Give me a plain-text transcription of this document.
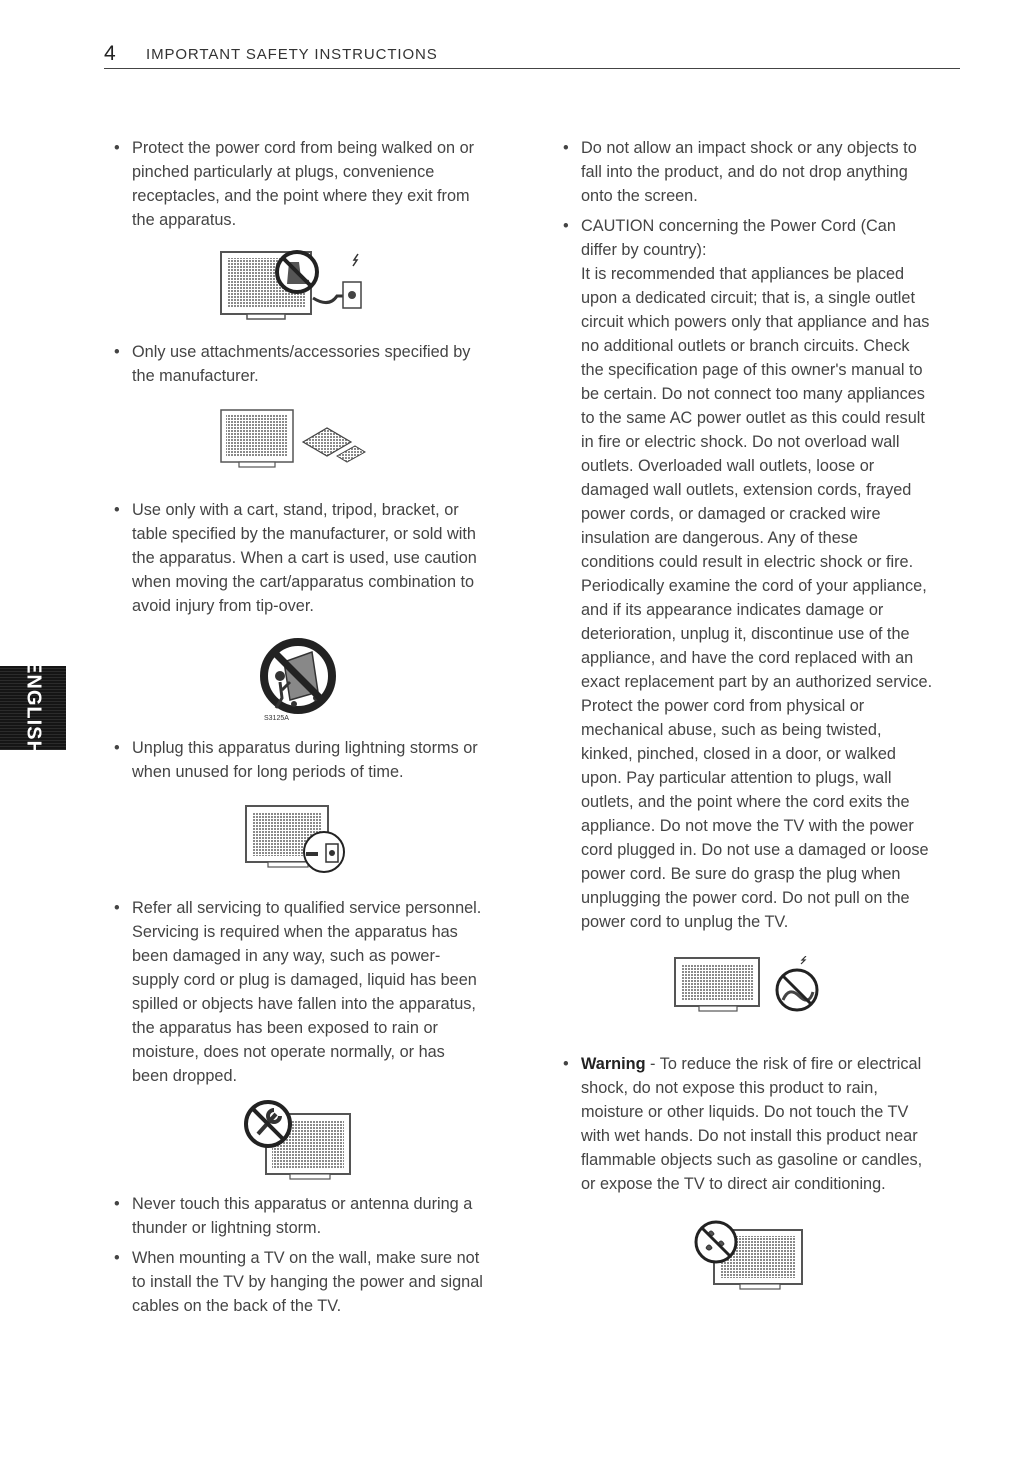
4 IMPORTANT SAFETY INSTRUCTIONS
ENGLISH
• Protect the power cord from being walked on or pinched particularly at plugs, convenience receptacles, and the point where they exit from the apparatus.

• Only use attachments/accessories specified by the manufacturer.

• Use only with a cart, stand, tripod, bracket, or table specified by the manufacturer, or sold with the apparatus. When a cart is used, use caution when moving the cart/apparatus combination to avoid injury from tip-over.

S3125A
• Unplug this apparatus during lightning storms or when unused for long periods of time.

• Refer all servicing to qualified service personnel. Servicing is required when the apparatus has been damaged in any way, such as power-supply cord or plug is damaged, liquid has been spilled or objects have fallen into the apparatus, the apparatus has been exposed to rain or moisture, does not operate normally, or has been dropped.

• Never touch this apparatus or antenna during a thunder or lightning storm.

• When mounting a TV on the wall, make sure not to install the TV by hanging the power and signal cables on the back of the TV.

• Do not allow an impact shock or any objects to fall into the product, and do not drop anything onto the screen.

• CAUTION concerning the Power Cord (Can differ by country):

It is recommended that appliances be placed upon a dedicated circuit; that is, a single outlet circuit which powers only that appliance and has no additional outlets or branch circuits. Check the specification page of this owner's manual to be certain. Do not connect too many appliances to the same AC power outlet as this could result in fire or electric shock. Do not overload wall outlets. Overloaded wall outlets, loose or damaged wall outlets, extension cords, frayed power cords, or damaged or cracked wire insulation are dangerous. Any of these conditions could result in electric shock or fire. Periodically examine the cord of your appliance, and if its appearance indicates damage or deterioration, unplug it, discontinue use of the appliance, and have the cord replaced with an exact replacement part by an authorized service. Protect the power cord from physical or mechanical abuse, such as being twisted, kinked, pinched, closed in a door, or walked upon. Pay particular attention to plugs, wall outlets, and the point where the cord exits the appliance. Do not move the TV with the power cord plugged in. Do not use a damaged or loose power cord. Be sure do grasp the plug when unplugging the power cord. Do not pull on the power cord to unplug the TV.

• Warning - To reduce the risk of fire or electrical shock, do not expose this product to rain, moisture or other liquids. Do not touch the TV with wet hands. Do not install this product near flammable objects such as gasoline or candles, or expose the TV to direct air conditioning.
